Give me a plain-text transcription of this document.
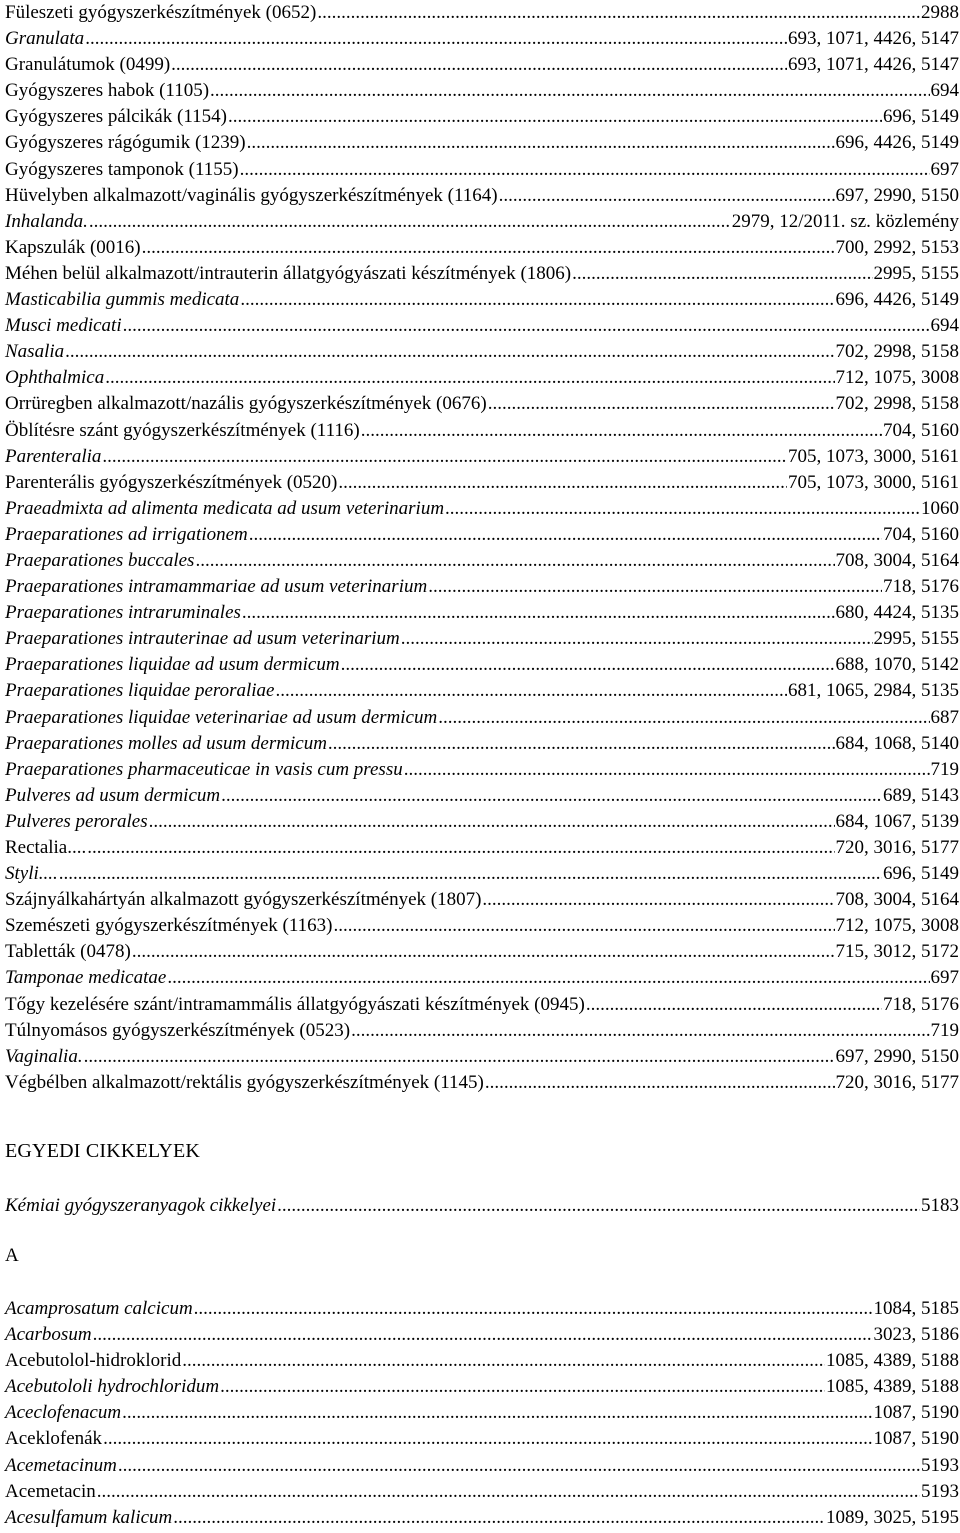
Füleszeti gyógyszerkészítmények (0652) .....	2988
Granulata .....	693, 1071, 4426, 5147
Granulátumok (0499) .....	693, 1071, 4426, 5147
Gyógyszeres habok (1105) .....	694
Gyógyszeres pálcikák (1154) .....	696, 5149
Gyógyszeres rágógumik (1239) .....	696, 4426, 5149
Gyógyszeres tamponok (1155) .....	697
Hüvelyben alkalmazott/vaginális gyógyszerkészítmények (1164) .....	697, 2990, 5150
Inhalanda. .....	2979, 12/2011. sz. közlemény
Kapszulák (0016) .....	700, 2992, 5153
Méhen belül alkalmazott/intrauterin állatgyógyászati készítmények (1806) .....	2995, 5155
Masticabilia gummis medicata .....	696, 4426, 5149
Musci medicati .....	694
Nasalia .....	702, 2998, 5158
Ophthalmica .....	712, 1075, 3008
Orrüregben alkalmazott/nazális gyógyszerkészítmények (0676) .....	702, 2998, 5158
Öblítésre szánt gyógyszerkészítmények (1116) .....	704, 5160
Parenteralia .....	705, 1073, 3000, 5161
Parenterális gyógyszerkészítmények (0520) .....	705, 1073, 3000, 5161
Praeadmixta ad alimenta medicata ad usum veterinarium .....	1060
Praeparationes ad irrigationem .....	704, 5160
Praeparationes buccales .....	708, 3004, 5164
Praeparationes intramammariae ad usum veterinarium .....	718, 5176
Praeparationes intraruminales .....	680, 4424, 5135
Praeparationes intrauterinae ad usum veterinarium .....	2995, 5155
Praeparationes liquidae ad usum dermicum .....	688, 1070, 5142
Praeparationes liquidae peroraliae .....	681, 1065, 2984, 5135
Praeparationes liquidae veterinariae ad usum dermicum .....	687
Praeparationes molles ad usum dermicum .....	684, 1068, 5140
Praeparationes pharmaceuticae in vasis cum pressu .....	719
Pulveres ad usum dermicum .....	689, 5143
Pulveres perorales .....	684, 1067, 5139
Rectalia.... .....	720, 3016, 5177
Styli.... .....	696, 5149
Szájnyálkahártyán alkalmazott gyógyszerkészítmények (1807) .....	708, 3004, 5164
Szemészeti gyógyszerkészítmények (1163) .....	712, 1075, 3008
Tabletták (0478) .....	715, 3012, 5172
Tamponae medicatae .....	697
Tőgy kezelésére szánt/intramammális állatgyógyászati készítmények (0945) .....	718, 5176
Túlnyomásos gyógyszerkészítmények (0523) .....	719
Vaginalia. .....	697, 2990, 5150
Végbélben alkalmazott/rektális gyógyszerkészítmények (1145) .....	720, 3016, 5177
EGYEDI CIKKELYEK
Kémiai gyógyszeranyagok cikkelyei .....	5183
A
Acamprosatum calcicum .....	1084, 5185
Acarbosum .....	3023, 5186
Acebutolol-hidroklorid .....	1085, 4389, 5188
Acebutololi hydrochloridum .....	1085, 4389, 5188
Aceclofenacum .....	1087, 5190
Aceklofenák .....	1087, 5190
Acemetacinum .....	5193
Acemetacin .....	5193
Acesulfamum kalicum .....	1089, 3025, 5195
